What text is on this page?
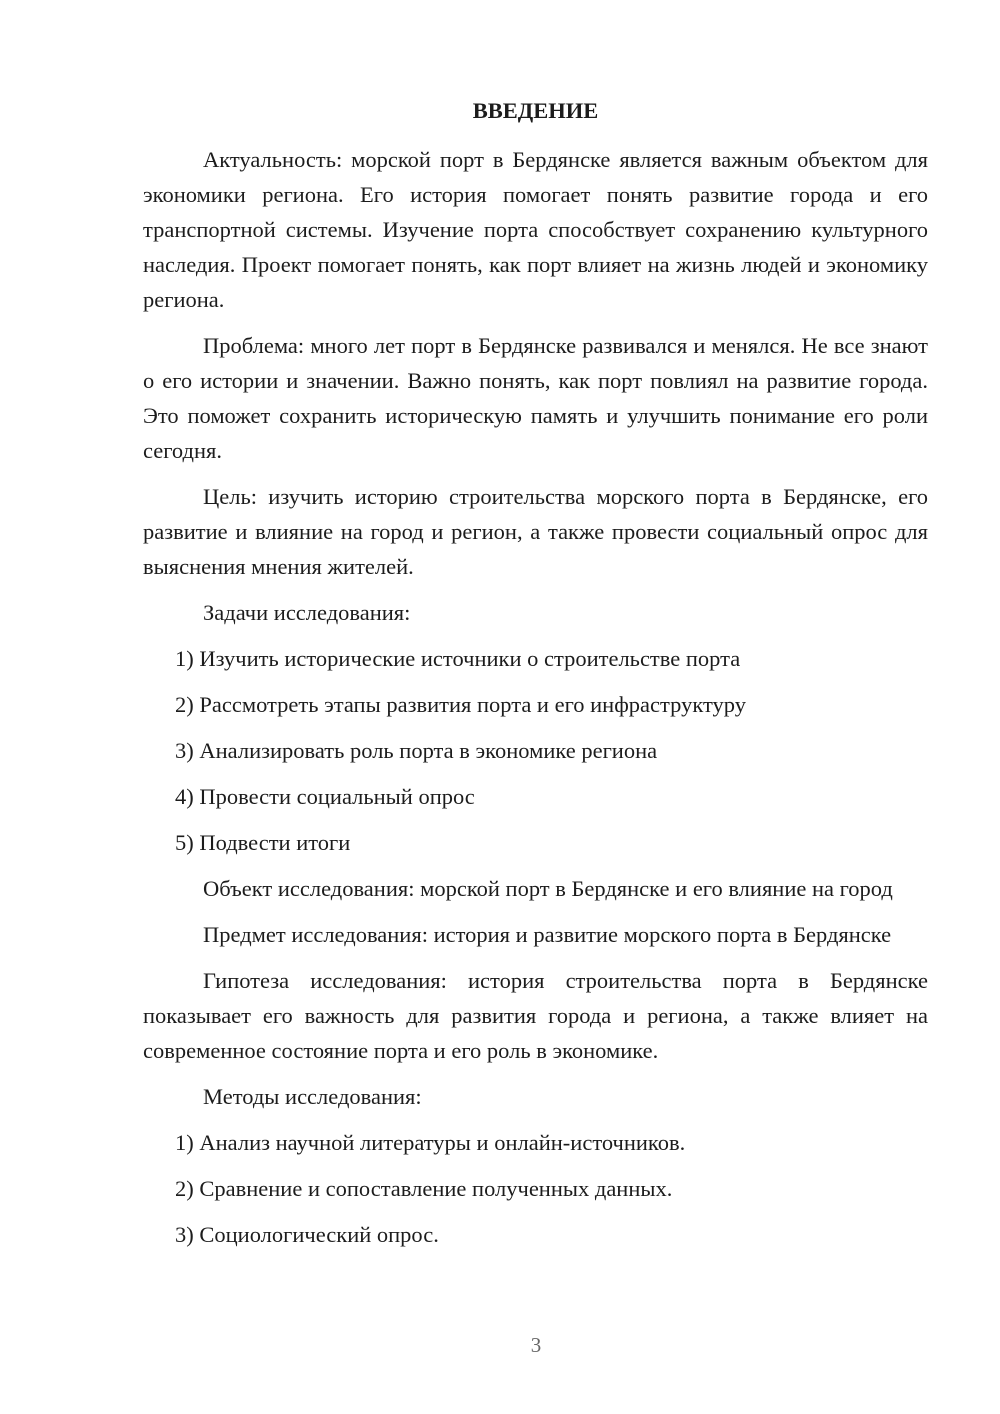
ВВЕДЕНИЕ

Актуальность: морской порт в Бердянске является важным объектом для экономики региона. Его история помогает понять развитие города и его транспортной системы. Изучение порта способствует сохранению культурного наследия. Проект помогает понять, как порт влияет на жизнь людей и экономику региона.

Проблема: много лет порт в Бердянске развивался и менялся. Не все знают о его истории и значении. Важно понять, как порт повлиял на развитие города. Это поможет сохранить историческую память и улучшить понимание его роли сегодня.

Цель: изучить историю строительства морского порта в Бердянске, его развитие и влияние на город и регион, а также провести социальный опрос для выяснения мнения жителей.

Задачи исследования:

1) Изучить исторические источники о строительстве порта
2) Рассмотреть этапы развития порта и его инфраструктуру
3) Анализировать роль порта в экономике региона
4) Провести социальный опрос
5) Подвести итоги

Объект исследования: морской порт в Бердянске и его влияние на город

Предмет исследования: история и развитие морского порта в Бердянске

Гипотеза исследования: история строительства порта в Бердянске показывает его важность для развития города и региона, а также влияет на современное состояние порта и его роль в экономике.

Методы исследования:

1) Анализ научной литературы и онлайн-источников.
2) Сравнение и сопоставление полученных данных.
3) Социологический опрос.
3
